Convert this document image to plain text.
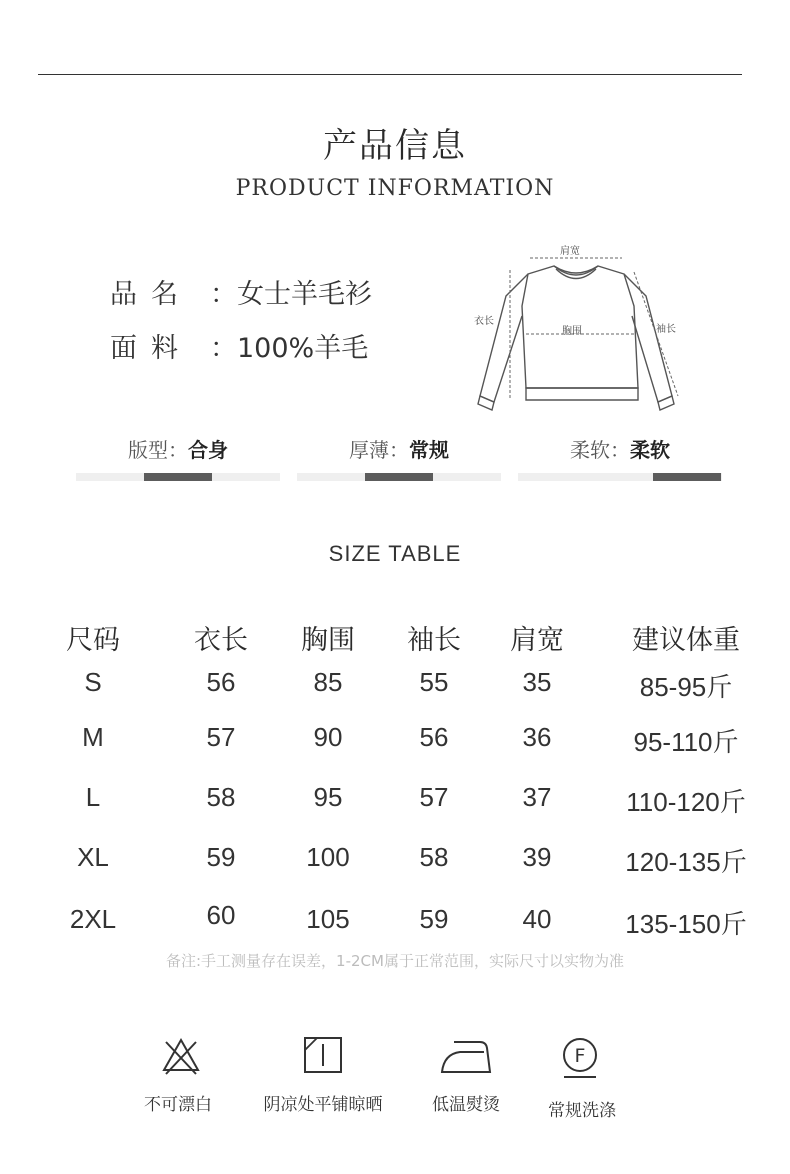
产品信息
PRODUCT INFORMATION
品名 ：女士羊毛衫
面料 ：100%羊毛
肩宽
衣长
胸围	袖长
版型：合身	厚薄：常规	柔软：柔软
SIZE TABLE
尺码	衣长	胸围	袖长	肩宽	建议体重
S	56	85	55	35	85-95斤
M	57	90	56	36	95-110斤
L	58	95	57	37	110-120斤
XL	59	100	58	39	120-135斤
2XL	60	105	59	40	135-150斤
备注:手工测量存在误差，1-2CM属于正常范围，实际尺寸以实物为准
不可漂白	阴凉处平铺晾晒	低温熨烫
F
常规洗涤
